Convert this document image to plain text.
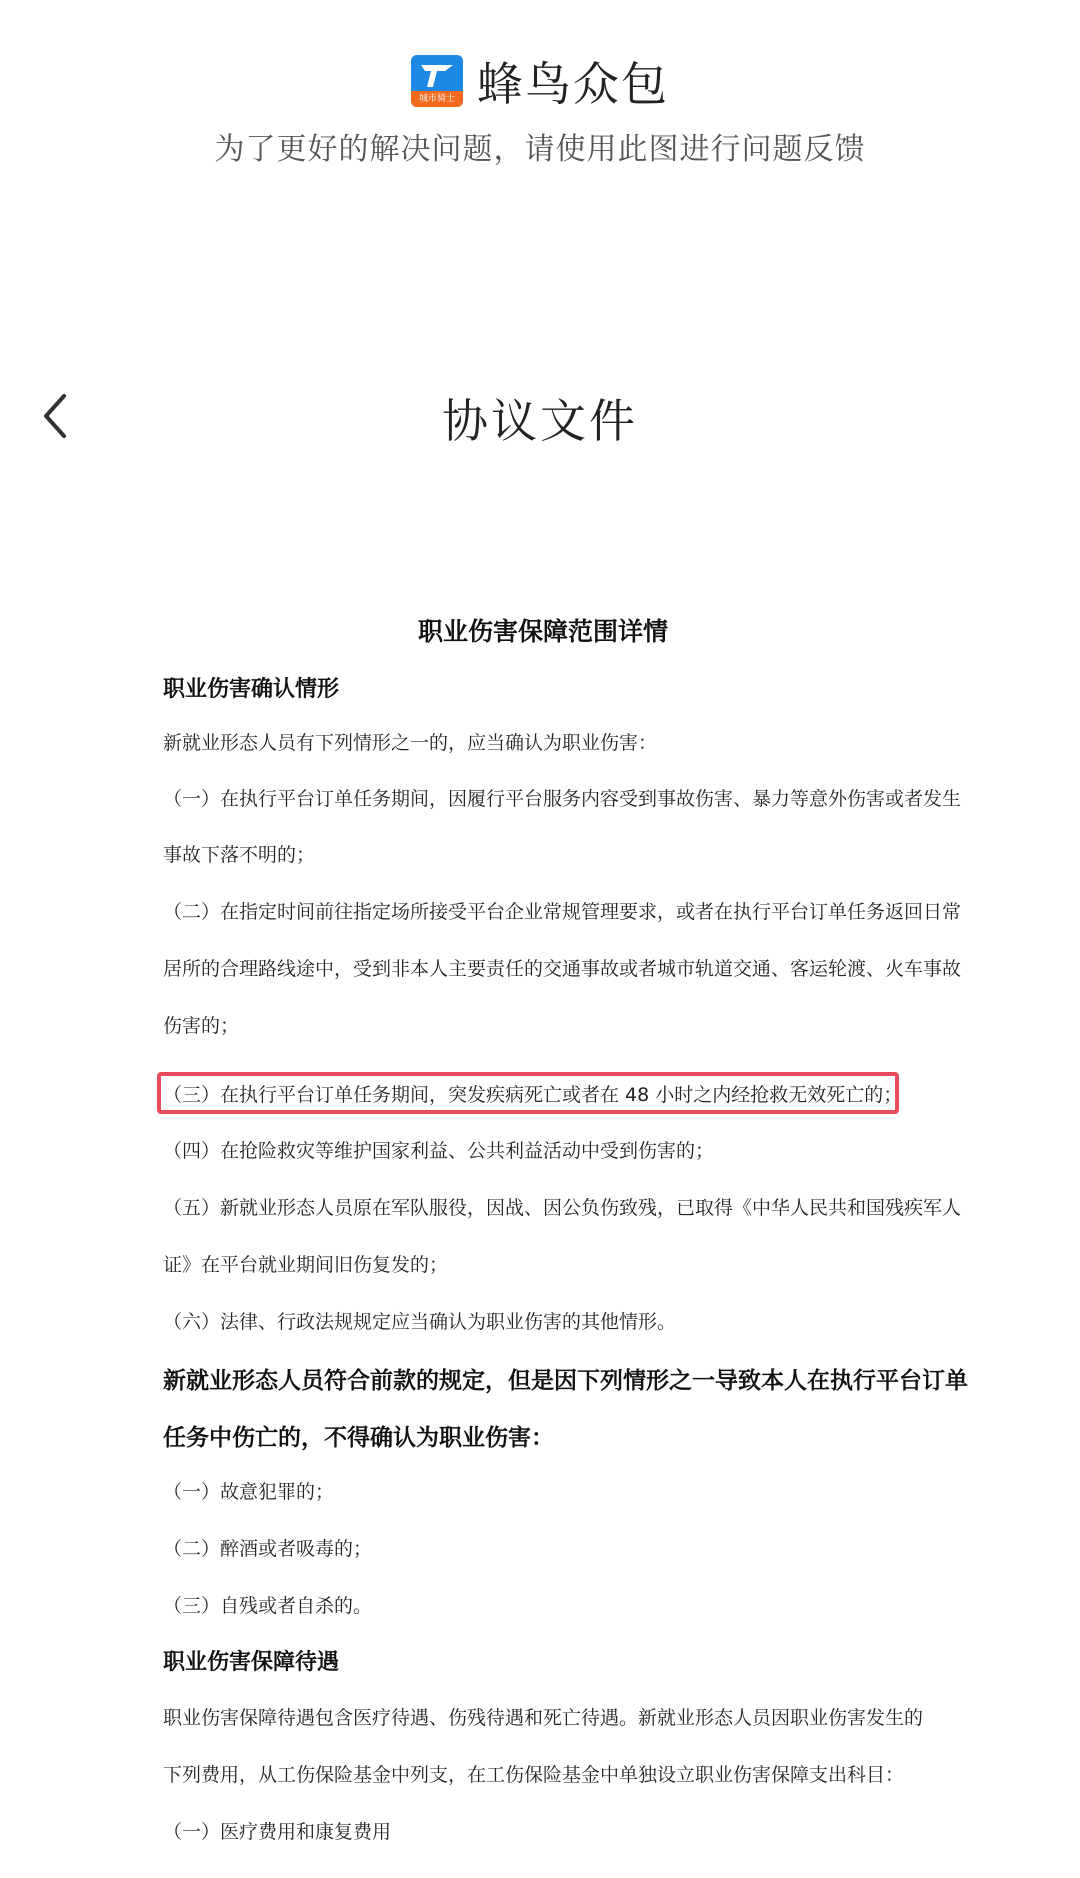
城市骑士 蜂鸟众包
为了更好的解决问题，请使用此图进行问题反馈
协议文件
职业伤害保障范围详情
职业伤害确认情形
新就业形态人员有下列情形之一的，应当确认为职业伤害：
（一）在执行平台订单任务期间，因履行平台服务内容受到事故伤害、暴力等意外伤害或者发生
事故下落不明的；
（二）在指定时间前往指定场所接受平台企业常规管理要求，或者在执行平台订单任务返回日常
居所的合理路线途中，受到非本人主要责任的交通事故或者城市轨道交通、客运轮渡、火车事故
伤害的；
（三）在执行平台订单任务期间，突发疾病死亡或者在 48 小时之内经抢救无效死亡的；
（四）在抢险救灾等维护国家利益、公共利益活动中受到伤害的；
（五）新就业形态人员原在军队服役，因战、因公负伤致残，已取得《中华人民共和国残疾军人
证》在平台就业期间旧伤复发的；
（六）法律、行政法规规定应当确认为职业伤害的其他情形。
新就业形态人员符合前款的规定，但是因下列情形之一导致本人在执行平台订单
任务中伤亡的，不得确认为职业伤害：
（一）故意犯罪的；
（二）醉酒或者吸毒的；
（三）自残或者自杀的。
职业伤害保障待遇
职业伤害保障待遇包含医疗待遇、伤残待遇和死亡待遇。新就业形态人员因职业伤害发生的
下列费用，从工伤保险基金中列支，在工伤保险基金中单独设立职业伤害保障支出科目：
（一）医疗费用和康复费用
